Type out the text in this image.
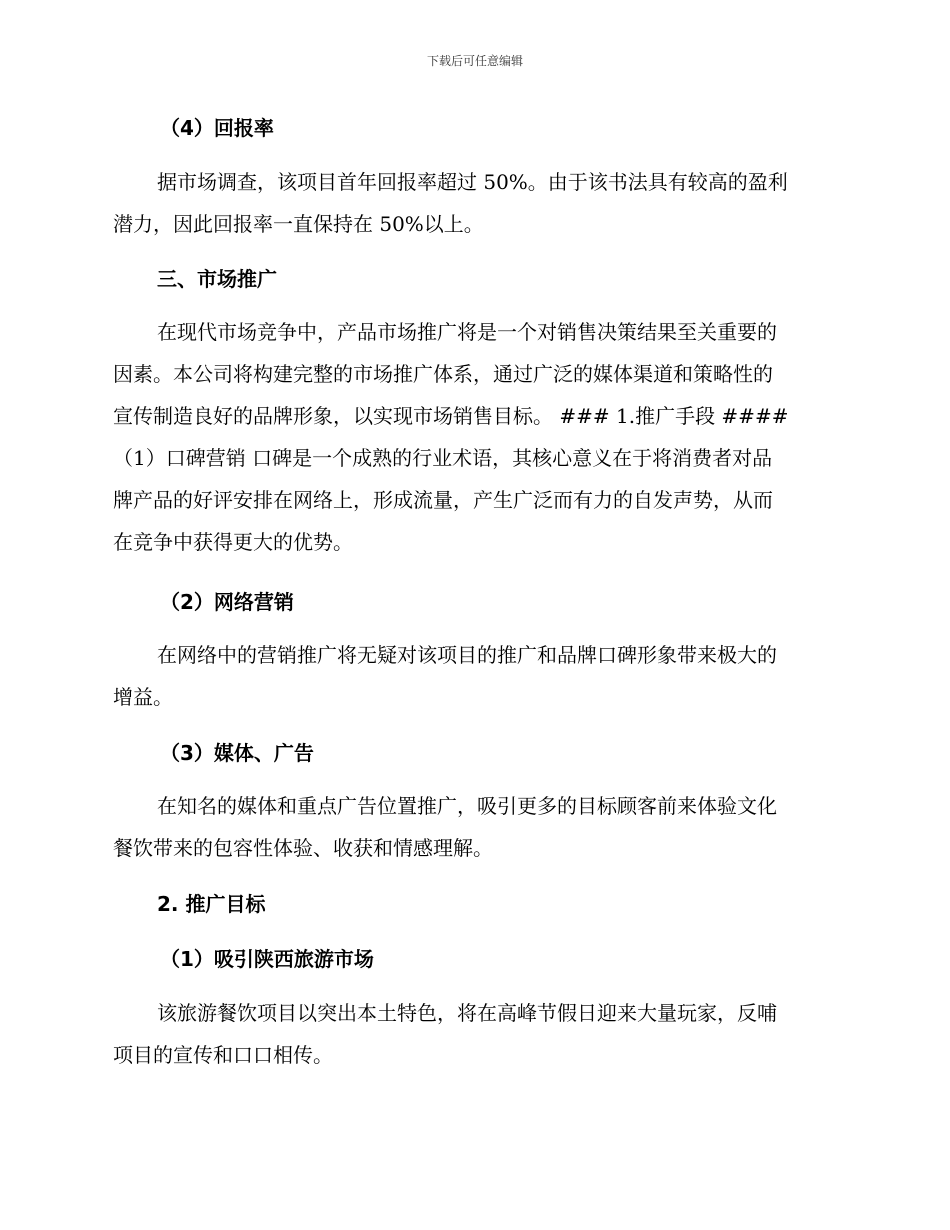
下载后可任意编辑
（4）回报率
据市场调查，该项目首年回报率超过 50%。由于该书法具有较高的盈利
潜力，因此回报率一直保持在 50%以上。
三、市场推广
在现代市场竞争中，产品市场推广将是一个对销售决策结果至关重要的
因素。本公司将构建完整的市场推广体系，通过广泛的媒体渠道和策略性的
宣传制造良好的品牌形象，以实现市场销售目标。 ### 1.推广手段 ####
（1）口碑营销 口碑是一个成熟的行业术语，其核心意义在于将消费者对品
牌产品的好评安排在网络上，形成流量，产生广泛而有力的自发声势，从而
在竞争中获得更大的优势。
（2）网络营销
在网络中的营销推广将无疑对该项目的推广和品牌口碑形象带来极大的
增益。
（3）媒体、广告
在知名的媒体和重点广告位置推广，吸引更多的目标顾客前来体验文化
餐饮带来的包容性体验、收获和情感理解。
2. 推广目标
（1）吸引陕西旅游市场
该旅游餐饮项目以突出本土特色，将在高峰节假日迎来大量玩家，反哺
项目的宣传和口口相传。
